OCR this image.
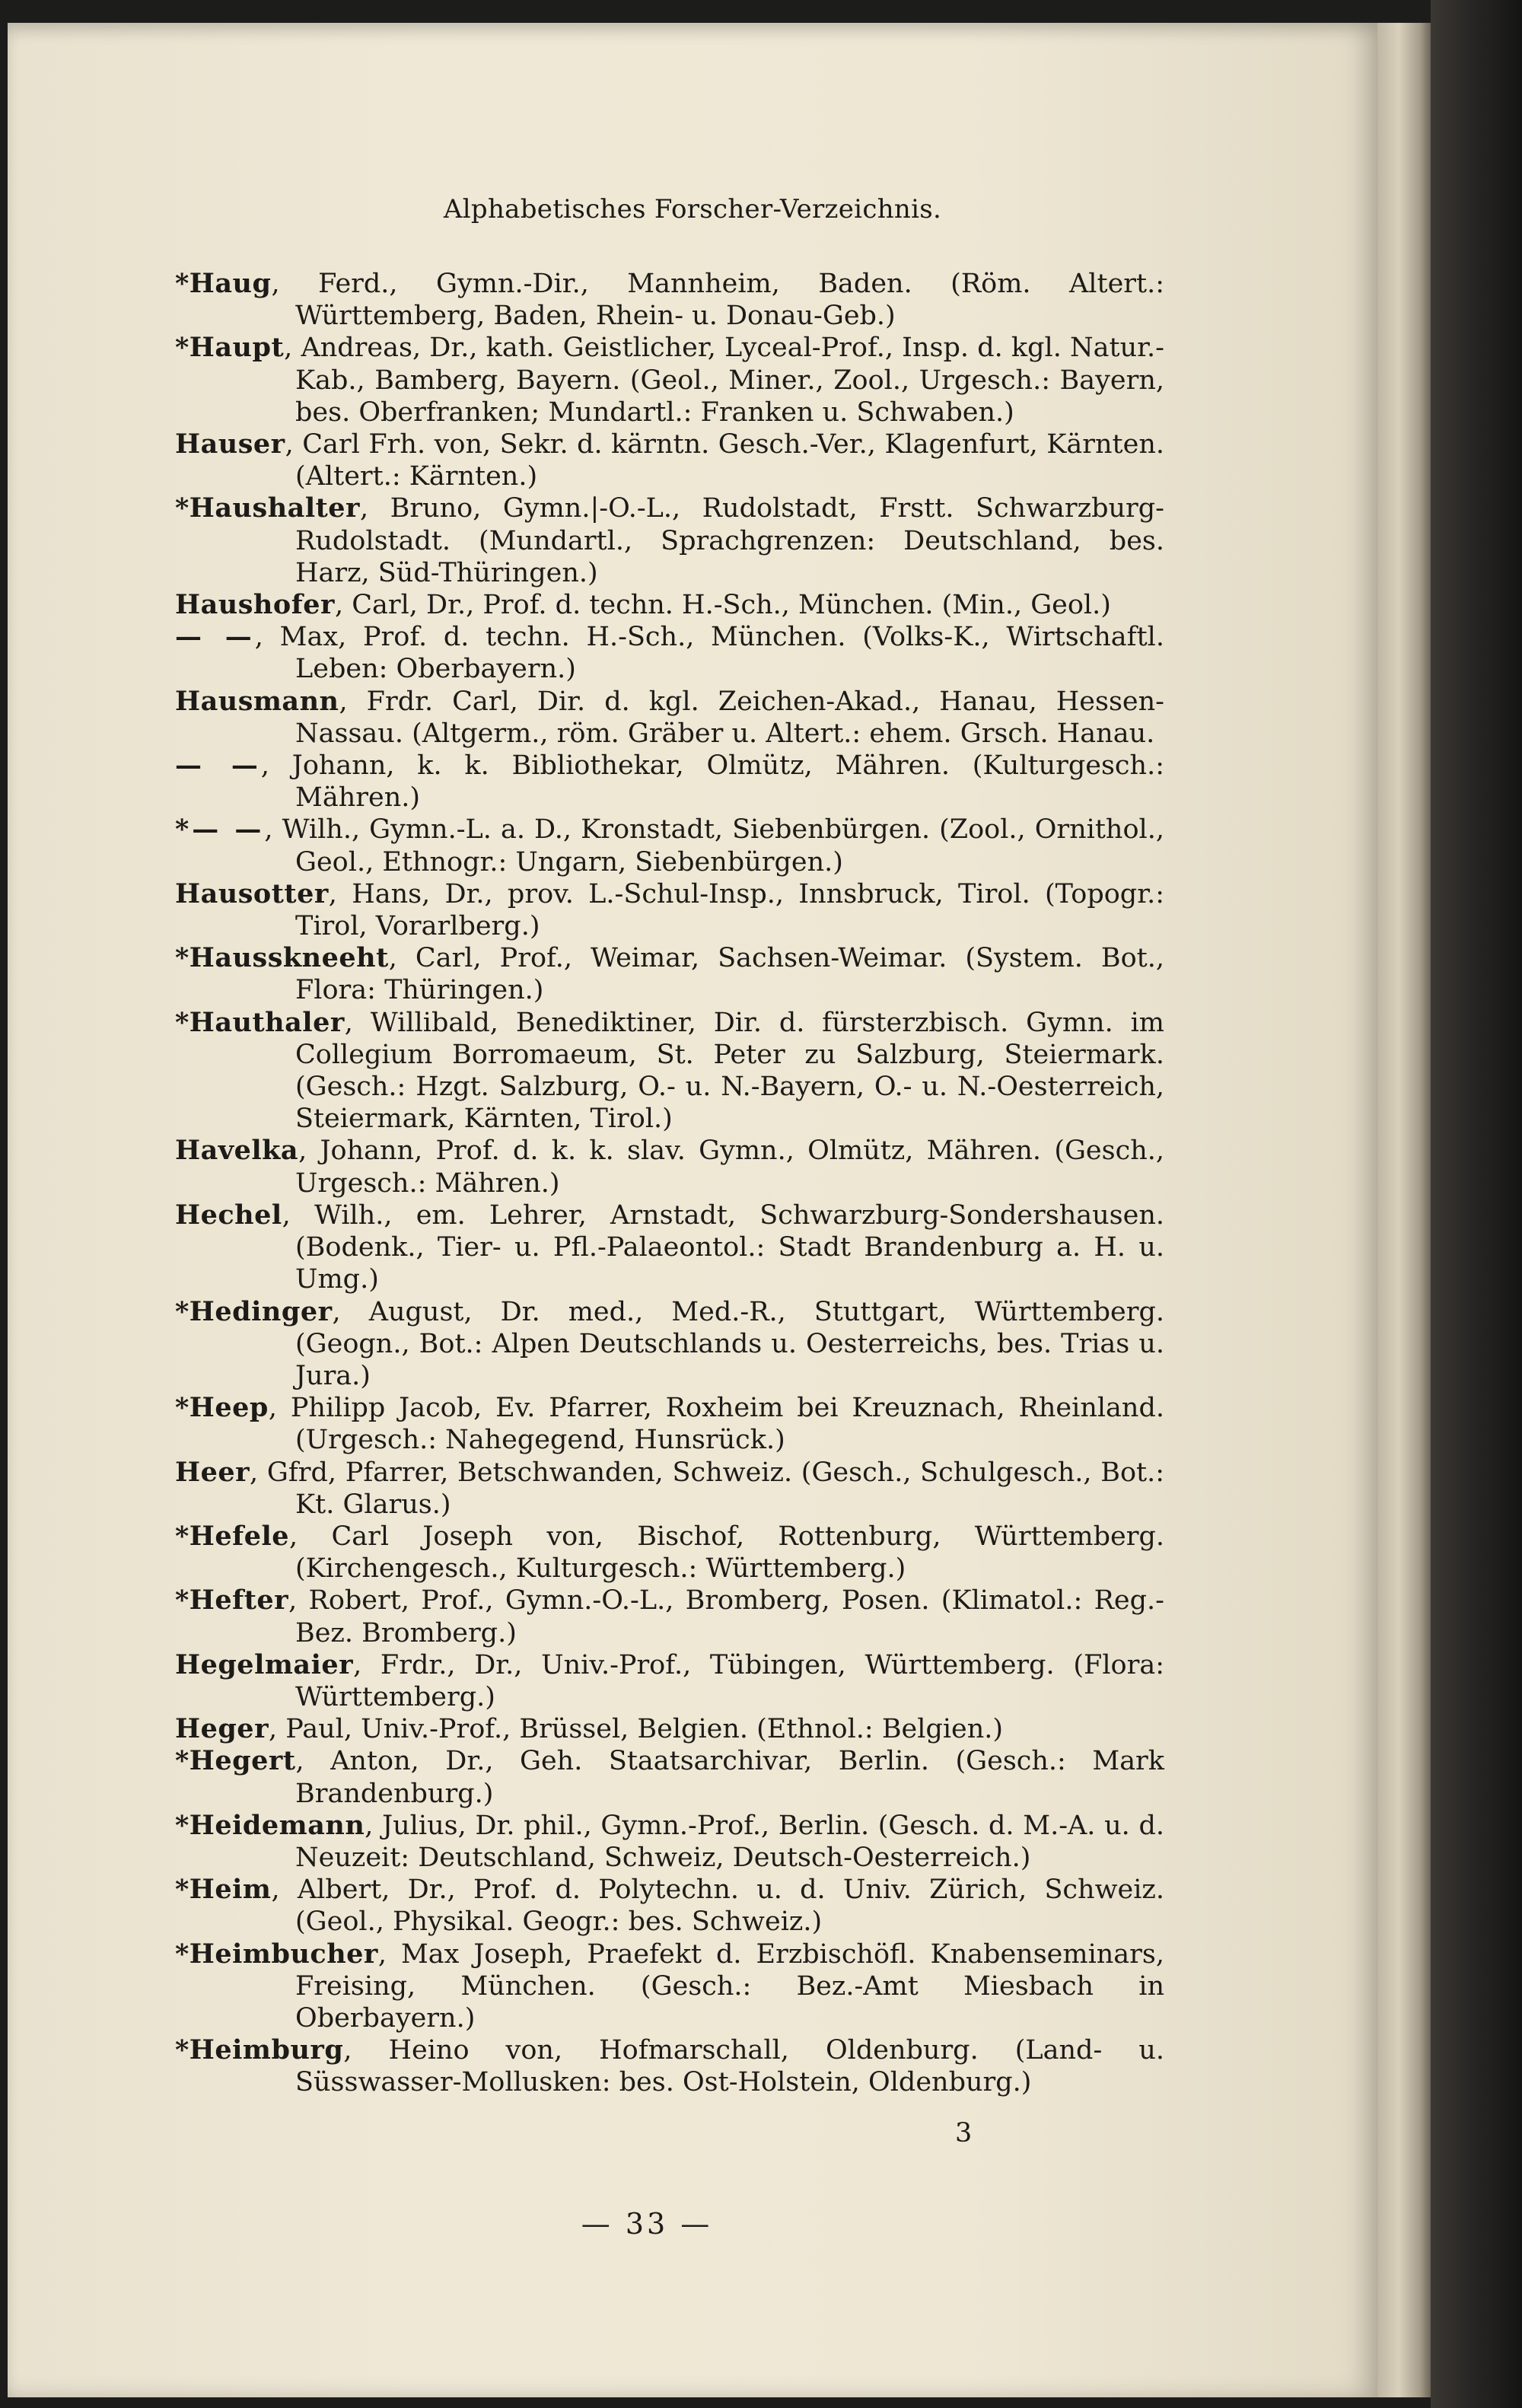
Alphabetisches Forscher-Verzeichnis.
*Haug, Ferd., Gymn.-Dir., Mannheim, Baden. (Röm. Altert.: Württemberg, Baden, Rhein- u. Donau-Geb.)
*Haupt, Andreas, Dr., kath. Geistlicher, Lyceal-Prof., Insp. d. kgl. Natur.-Kab., Bamberg, Bayern. (Geol., Miner., Zool., Urgesch.: Bayern, bes. Oberfranken; Mundartl.: Franken u. Schwaben.)
Hauser, Carl Frh. von, Sekr. d. kärntn. Gesch.-Ver., Klagenfurt, Kärnten. (Altert.: Kärnten.)
*Haushalter, Bruno, Gymn.|-O.-L., Rudolstadt, Frstt. Schwarzburg-Rudolstadt. (Mundartl., Sprachgrenzen: Deutschland, bes. Harz, Süd-Thüringen.)
Haushofer, Carl, Dr., Prof. d. techn. H.-Sch., München. (Min., Geol.)
— —, Max, Prof. d. techn. H.-Sch., München. (Volks-K., Wirtschaftl. Leben: Oberbayern.)
Hausmann, Frdr. Carl, Dir. d. kgl. Zeichen-Akad., Hanau, Hessen-Nassau. (Altgerm., röm. Gräber u. Altert.: ehem. Grsch. Hanau.
— —, Johann, k. k. Bibliothekar, Olmütz, Mähren. (Kulturgesch.: Mähren.)
*— —, Wilh., Gymn.-L. a. D., Kronstadt, Siebenbürgen. (Zool., Ornithol., Geol., Ethnogr.: Ungarn, Siebenbürgen.)
Hausotter, Hans, Dr., prov. L.-Schul-Insp., Innsbruck, Tirol. (Topogr.: Tirol, Vorarlberg.)
*Hausskneeht, Carl, Prof., Weimar, Sachsen-Weimar. (System. Bot., Flora: Thüringen.)
*Hauthaler, Willibald, Benediktiner, Dir. d. fürsterzbisch. Gymn. im Collegium Borromaeum, St. Peter zu Salzburg, Steiermark. (Gesch.: Hzgt. Salzburg, O.- u. N.-Bayern, O.- u. N.-Oesterreich, Steiermark, Kärnten, Tirol.)
Havelka, Johann, Prof. d. k. k. slav. Gymn., Olmütz, Mähren. (Gesch., Urgesch.: Mähren.)
Hechel, Wilh., em. Lehrer, Arnstadt, Schwarzburg-Sondershausen. (Bodenk., Tier- u. Pfl.-Palaeontol.: Stadt Brandenburg a. H. u. Umg.)
*Hedinger, August, Dr. med., Med.-R., Stuttgart, Württemberg. (Geogn., Bot.: Alpen Deutschlands u. Oesterreichs, bes. Trias u. Jura.)
*Heep, Philipp Jacob, Ev. Pfarrer, Roxheim bei Kreuznach, Rheinland. (Urgesch.: Nahegegend, Hunsrück.)
Heer, Gfrd, Pfarrer, Betschwanden, Schweiz. (Gesch., Schulgesch., Bot.: Kt. Glarus.)
*Hefele, Carl Joseph von, Bischof, Rottenburg, Württemberg. (Kirchengesch., Kulturgesch.: Württemberg.)
*Hefter, Robert, Prof., Gymn.-O.-L., Bromberg, Posen. (Klimatol.: Reg.-Bez. Bromberg.)
Hegelmaier, Frdr., Dr., Univ.-Prof., Tübingen, Württemberg. (Flora: Württemberg.)
Heger, Paul, Univ.-Prof., Brüssel, Belgien. (Ethnol.: Belgien.)
*Hegert, Anton, Dr., Geh. Staatsarchivar, Berlin. (Gesch.: Mark Brandenburg.)
*Heidemann, Julius, Dr. phil., Gymn.-Prof., Berlin. (Gesch. d. M.-A. u. d. Neuzeit: Deutschland, Schweiz, Deutsch-Oesterreich.)
*Heim, Albert, Dr., Prof. d. Polytechn. u. d. Univ. Zürich, Schweiz. (Geol., Physikal. Geogr.: bes. Schweiz.)
*Heimbucher, Max Joseph, Praefekt d. Erzbischöfl. Knabenseminars, Freising, München. (Gesch.: Bez.-Amt Miesbach in Oberbayern.)
*Heimburg, Heino von, Hofmarschall, Oldenburg. (Land- u. Süsswasser-Mollusken: bes. Ost-Holstein, Oldenburg.)
3
— 33 —
